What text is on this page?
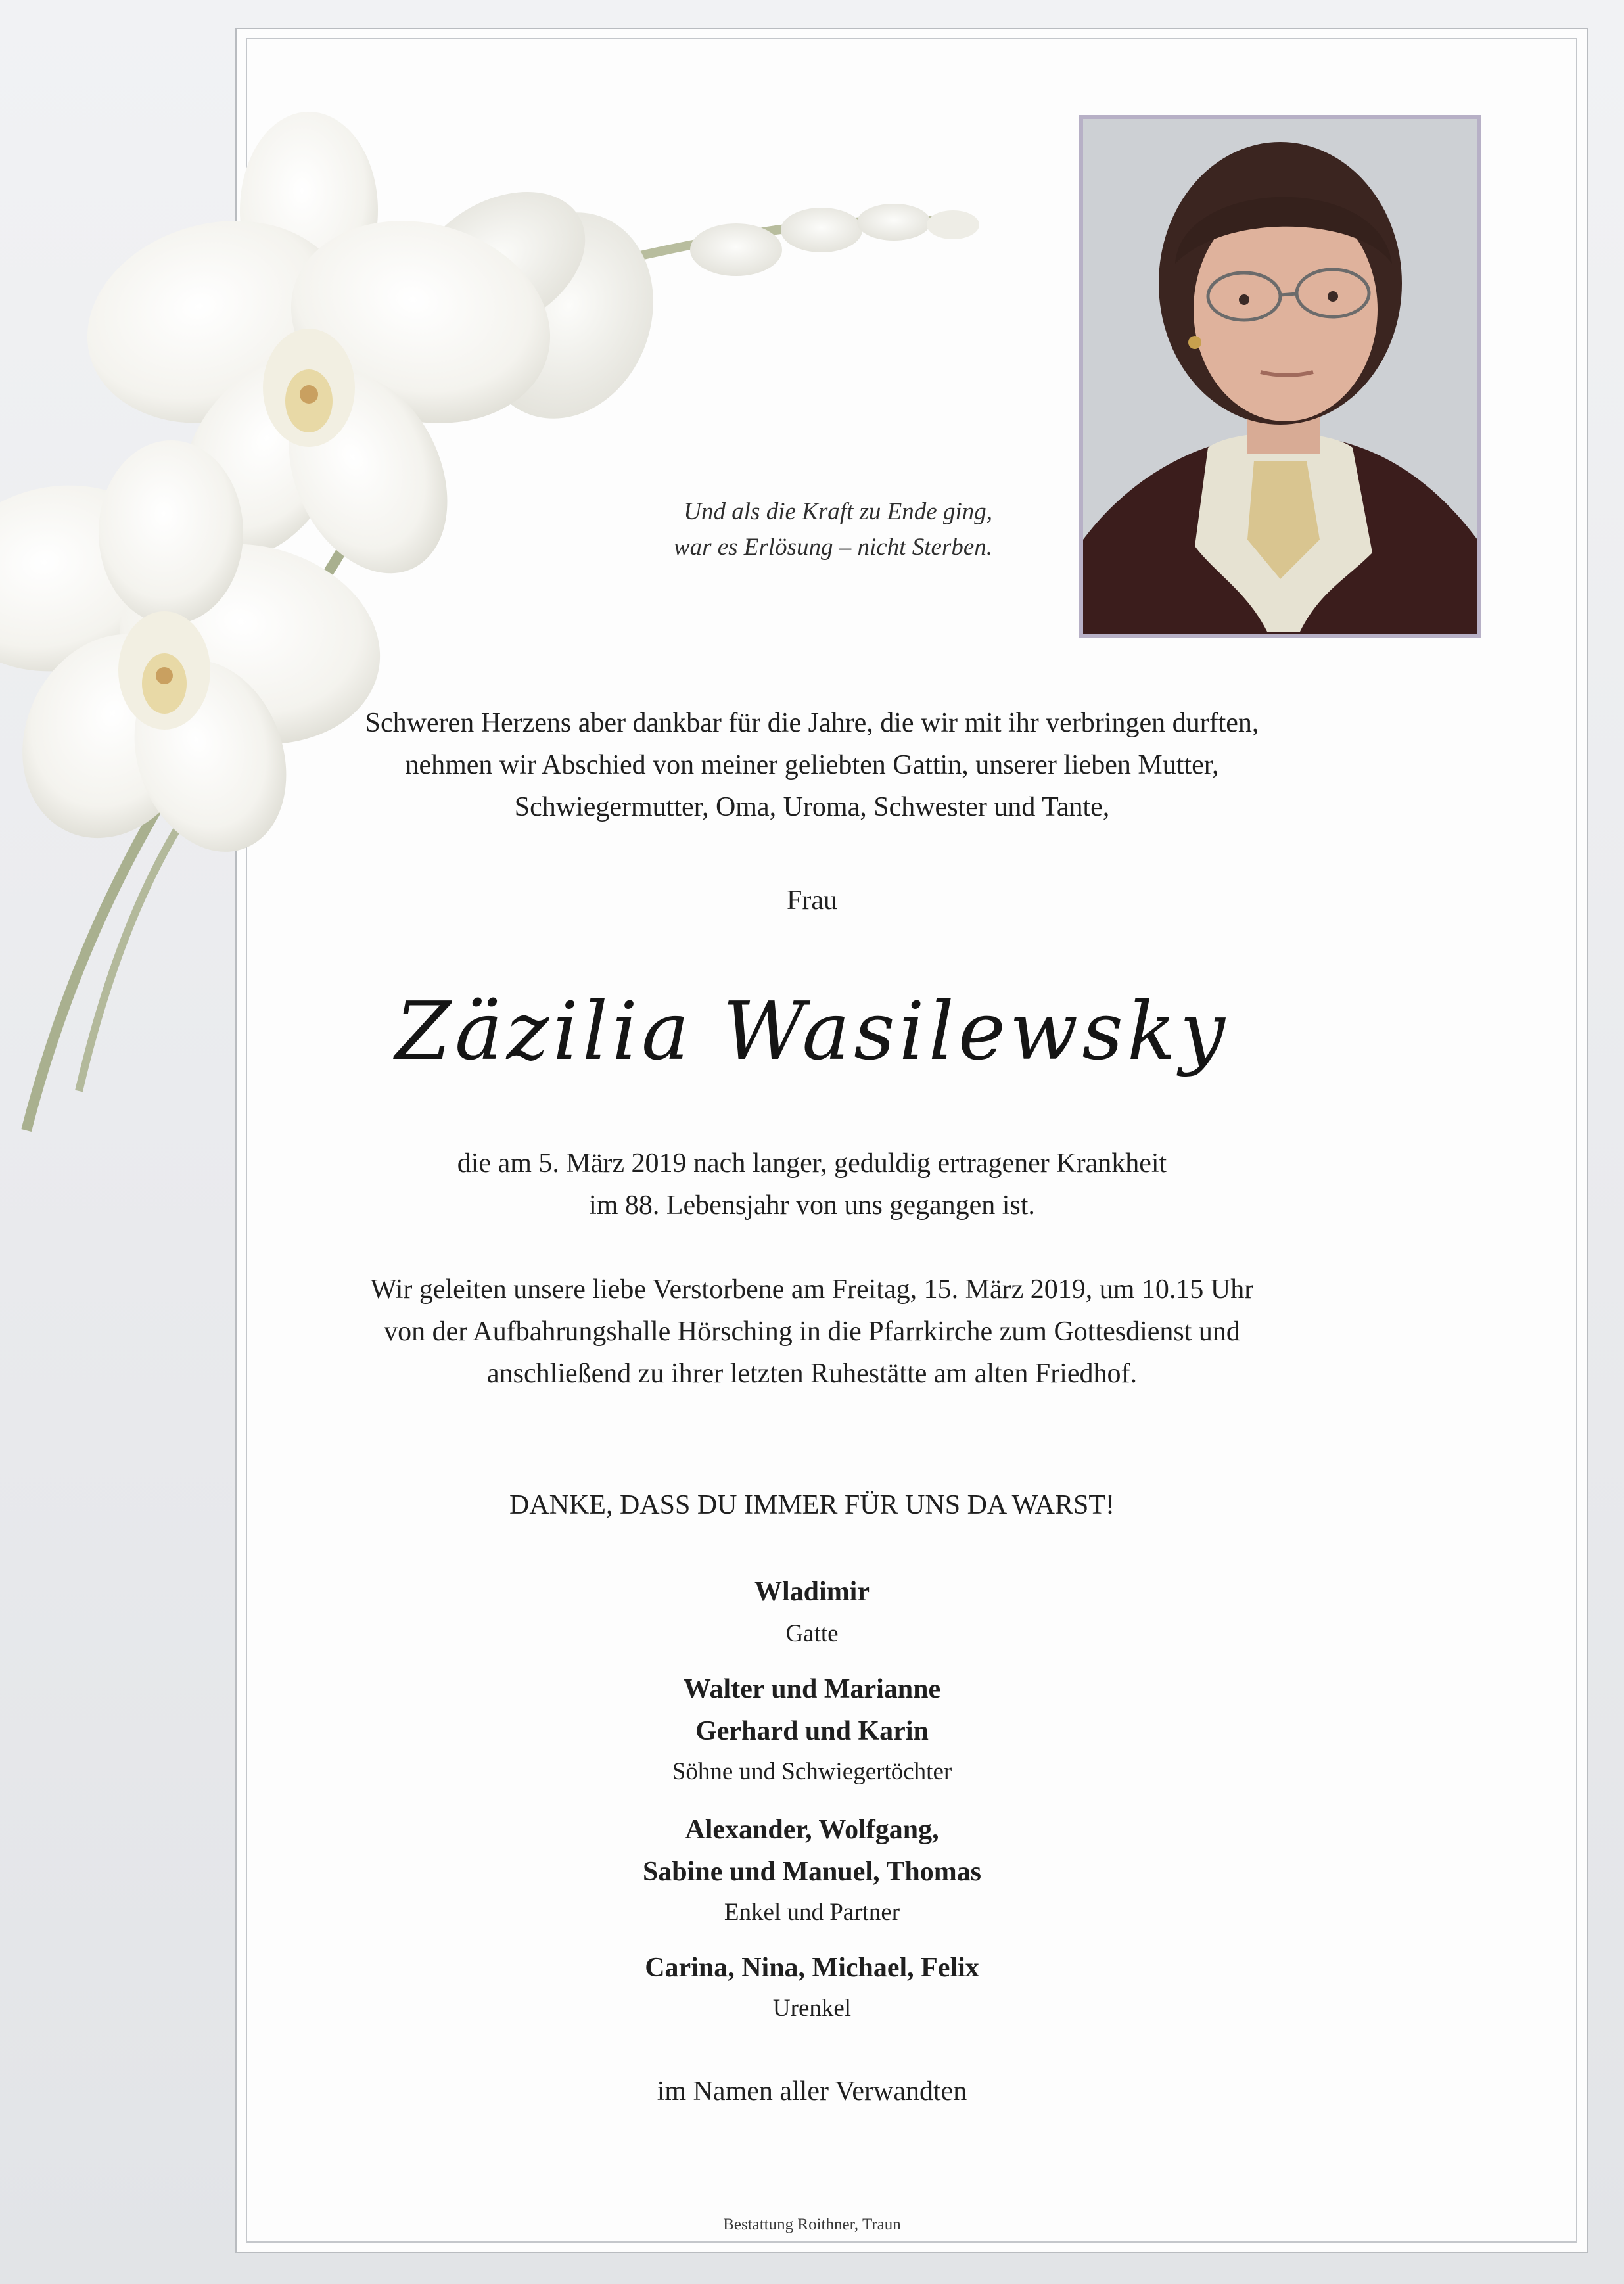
Und als die Kraft zu Ende ging,
war es Erlösung – nicht Sterben.
Schweren Herzens aber dankbar für die Jahre, die wir mit ihr verbringen durften,
nehmen wir Abschied von meiner geliebten Gattin, unserer lieben Mutter,
Schwiegermutter, Oma, Uroma, Schwester und Tante,
Frau
Zäzilia Wasilewsky
die am 5. März 2019 nach langer, geduldig ertragener Krankheit
im 88. Lebensjahr von uns gegangen ist.
Wir geleiten unsere liebe Verstorbene am Freitag, 15. März 2019, um 10.15 Uhr
von der Aufbahrungshalle Hörsching in die Pfarrkirche zum Gottesdienst und
anschließend zu ihrer letzten Ruhestätte am alten Friedhof.
DANKE, DASS DU IMMER FÜR UNS DA WARST!
Wladimir
Gatte
Walter und Marianne
Gerhard und Karin
Söhne und Schwiegertöchter
Alexander, Wolfgang,
Sabine und Manuel, Thomas
Enkel und Partner
Carina, Nina, Michael, Felix
Urenkel
im Namen aller Verwandten
Bestattung Roithner, Traun
